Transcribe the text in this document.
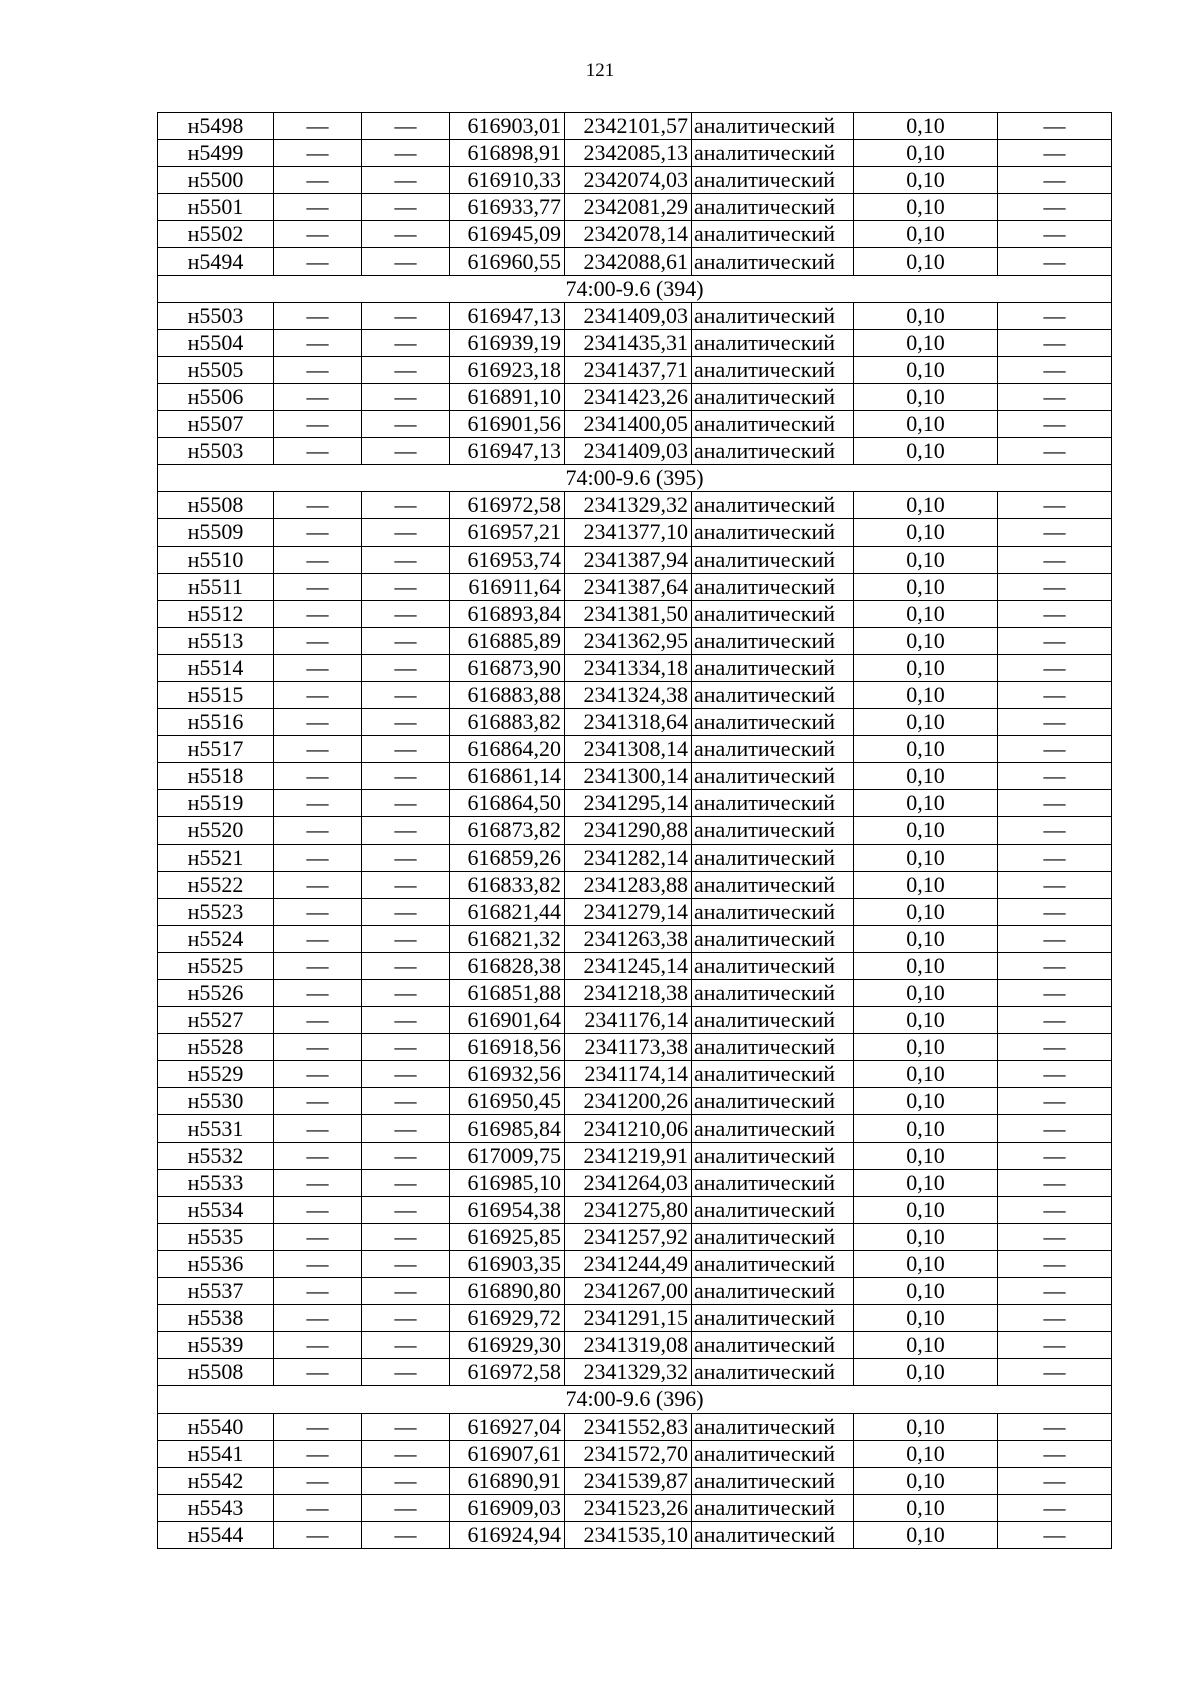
121
н5498	—	—	616903,01	2342101,57	аналитический	0,10	—
н5499	—	—	616898,91	2342085,13	аналитический	0,10	—
н5500	—	—	616910,33	2342074,03	аналитический	0,10	—
н5501	—	—	616933,77	2342081,29	аналитический	0,10	—
н5502	—	—	616945,09	2342078,14	аналитический	0,10	—
н5494	—	—	616960,55	2342088,61	аналитический	0,10	—
74:00-9.6 (394)							
н5503	—	—	616947,13	2341409,03	аналитический	0,10	—
н5504	—	—	616939,19	2341435,31	аналитический	0,10	—
н5505	—	—	616923,18	2341437,71	аналитический	0,10	—
н5506	—	—	616891,10	2341423,26	аналитический	0,10	—
н5507	—	—	616901,56	2341400,05	аналитический	0,10	—
н5503	—	—	616947,13	2341409,03	аналитический	0,10	—
74:00-9.6 (395)							
н5508	—	—	616972,58	2341329,32	аналитический	0,10	—
н5509	—	—	616957,21	2341377,10	аналитический	0,10	—
н5510	—	—	616953,74	2341387,94	аналитический	0,10	—
н5511	—	—	616911,64	2341387,64	аналитический	0,10	—
н5512	—	—	616893,84	2341381,50	аналитический	0,10	—
н5513	—	—	616885,89	2341362,95	аналитический	0,10	—
н5514	—	—	616873,90	2341334,18	аналитический	0,10	—
н5515	—	—	616883,88	2341324,38	аналитический	0,10	—
н5516	—	—	616883,82	2341318,64	аналитический	0,10	—
н5517	—	—	616864,20	2341308,14	аналитический	0,10	—
н5518	—	—	616861,14	2341300,14	аналитический	0,10	—
н5519	—	—	616864,50	2341295,14	аналитический	0,10	—
н5520	—	—	616873,82	2341290,88	аналитический	0,10	—
н5521	—	—	616859,26	2341282,14	аналитический	0,10	—
н5522	—	—	616833,82	2341283,88	аналитический	0,10	—
н5523	—	—	616821,44	2341279,14	аналитический	0,10	—
н5524	—	—	616821,32	2341263,38	аналитический	0,10	—
н5525	—	—	616828,38	2341245,14	аналитический	0,10	—
н5526	—	—	616851,88	2341218,38	аналитический	0,10	—
н5527	—	—	616901,64	2341176,14	аналитический	0,10	—
н5528	—	—	616918,56	2341173,38	аналитический	0,10	—
н5529	—	—	616932,56	2341174,14	аналитический	0,10	—
н5530	—	—	616950,45	2341200,26	аналитический	0,10	—
н5531	—	—	616985,84	2341210,06	аналитический	0,10	—
н5532	—	—	617009,75	2341219,91	аналитический	0,10	—
н5533	—	—	616985,10	2341264,03	аналитический	0,10	—
н5534	—	—	616954,38	2341275,80	аналитический	0,10	—
н5535	—	—	616925,85	2341257,92	аналитический	0,10	—
н5536	—	—	616903,35	2341244,49	аналитический	0,10	—
н5537	—	—	616890,80	2341267,00	аналитический	0,10	—
н5538	—	—	616929,72	2341291,15	аналитический	0,10	—
н5539	—	—	616929,30	2341319,08	аналитический	0,10	—
н5508	—	—	616972,58	2341329,32	аналитический	0,10	—
74:00-9.6 (396)							
н5540	—	—	616927,04	2341552,83	аналитический	0,10	—
н5541	—	—	616907,61	2341572,70	аналитический	0,10	—
н5542	—	—	616890,91	2341539,87	аналитический	0,10	—
н5543	—	—	616909,03	2341523,26	аналитический	0,10	—
н5544	—	—	616924,94	2341535,10	аналитический	0,10	—
